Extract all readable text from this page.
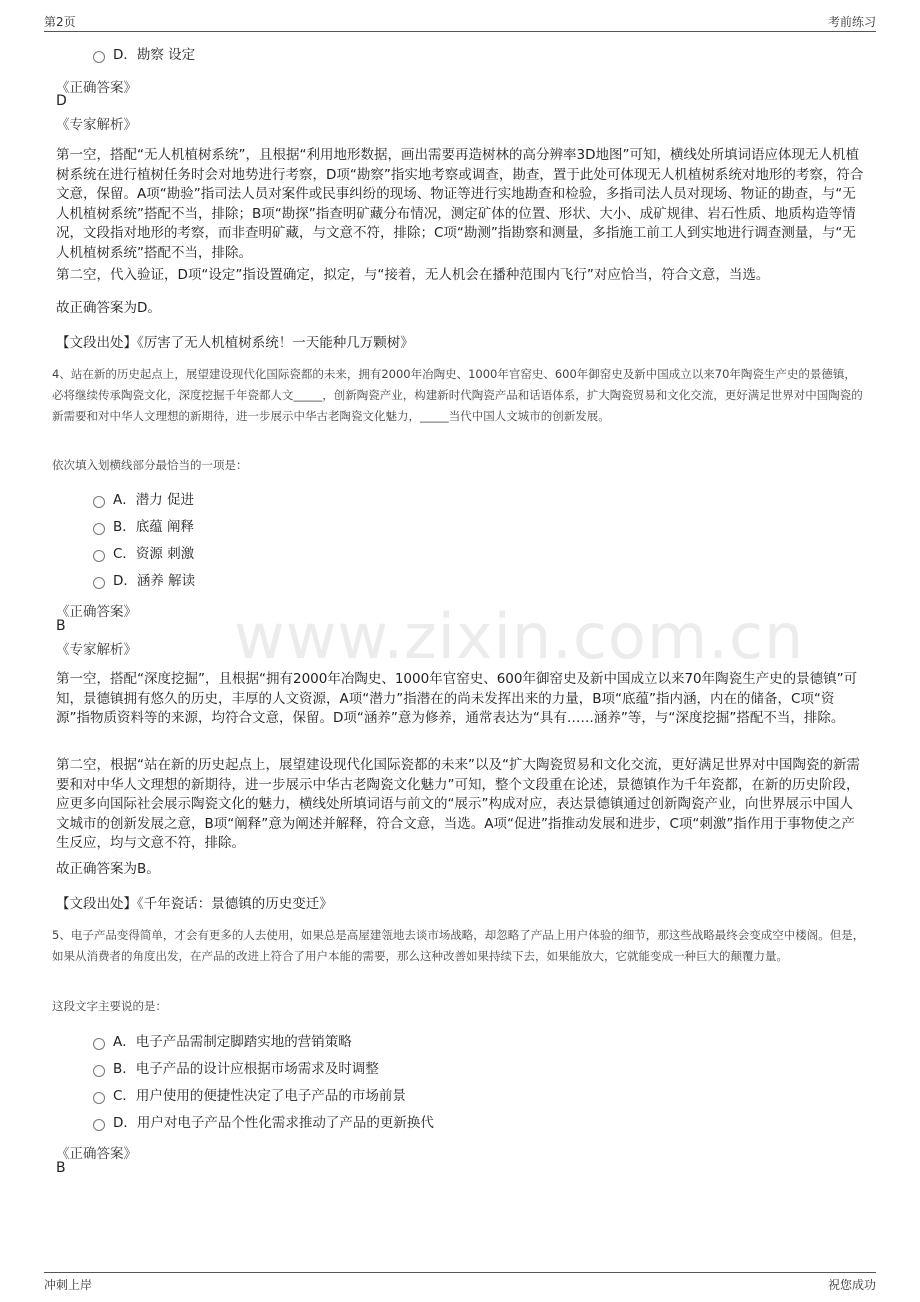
第2页	考前练习
www.zixin.com.cn
D．勘察 设定
《正确答案》
D
《专家解析》

第一空，搭配“无人机植树系统”，且根据“利用地形数据，画出需要再造树林的高分辨率3D地图”可知，横线处所填词语应体现无人机植树系统在进行植树任务时会对地势进行考察，D项“勘察”指实地考察或调查，勘查，置于此处可体现无人机植树系统对地形的考察，符合文意，保留。A项“勘验”指司法人员对案件或民事纠纷的现场、物证等进行实地勘查和检验，多指司法人员对现场、物证的勘查，与“无人机植树系统”搭配不当，排除；B项“勘探”指查明矿藏分布情况，测定矿体的位置、形状、大小、成矿规律、岩石性质、地质构造等情况，文段指对地形的考察，而非查明矿藏，与文意不符，排除；C项“勘测”指勘察和测量，多指施工前工人到实地进行调查测量，与“无人机植树系统”搭配不当，排除。

第二空，代入验证，D项“设定”指设置确定，拟定，与“接着，无人机会在播种范围内飞行”对应恰当，符合文意，当选。

故正确答案为D。

【文段出处】《厉害了无人机植树系统！一天能种几万颗树》

4、站在新的历史起点上，展望建设现代化国际瓷都的未来，拥有2000年冶陶史、1000年官窑史、600年御窑史及新中国成立以来70年陶瓷生产史的景德镇，必将继续传承陶瓷文化，深度挖掘千年瓷都人文_____，创新陶瓷产业，构建新时代陶瓷产品和话语体系，扩大陶瓷贸易和文化交流，更好满足世界对中国陶瓷的新需要和对中华人文理想的新期待，进一步展示中华古老陶瓷文化魅力，_____当代中国人文城市的创新发展。

依次填入划横线部分最恰当的一项是：
A．潜力 促进
B．底蕴 阐释
C．资源 刺激
D．涵养 解读
《正确答案》
B
《专家解析》

第一空，搭配“深度挖掘”，且根据“拥有2000年冶陶史、1000年官窑史、600年御窑史及新中国成立以来70年陶瓷生产史的景德镇”可知，景德镇拥有悠久的历史，丰厚的人文资源，A项“潜力”指潜在的尚未发挥出来的力量，B项“底蕴”指内涵，内在的储备，C项“资源”指物质资料等的来源，均符合文意，保留。D项“涵养”意为修养，通常表达为“具有……涵养”等，与“深度挖掘”搭配不当，排除。

第二空，根据“站在新的历史起点上，展望建设现代化国际瓷都的未来”以及“扩大陶瓷贸易和文化交流，更好满足世界对中国陶瓷的新需要和对中华人文理想的新期待，进一步展示中华古老陶瓷文化魅力”可知，整个文段重在论述，景德镇作为千年瓷都，在新的历史阶段，应更多向国际社会展示陶瓷文化的魅力，横线处所填词语与前文的“展示”构成对应，表达景德镇通过创新陶瓷产业，向世界展示中国人文城市的创新发展之意，B项“阐释”意为阐述并解释，符合文意，当选。A项“促进”指推动发展和进步，C项“刺激”指作用于事物使之产生反应，均与文意不符，排除。

故正确答案为B。

【文段出处】《千年瓷话：景德镇的历史变迁》

5、电子产品变得简单，才会有更多的人去使用，如果总是高屋建瓴地去谈市场战略，却忽略了产品上用户体验的细节，那这些战略最终会变成空中楼阁。但是，如果从消费者的角度出发，在产品的改进上符合了用户本能的需要，那么这种改善如果持续下去，如果能放大，它就能变成一种巨大的颠覆力量。

这段文字主要说的是：
A．电子产品需制定脚踏实地的营销策略
B．电子产品的设计应根据市场需求及时调整
C．用户使用的便捷性决定了电子产品的市场前景
D．用户对电子产品个性化需求推动了产品的更新换代
《正确答案》
B
冲刺上岸	祝您成功
